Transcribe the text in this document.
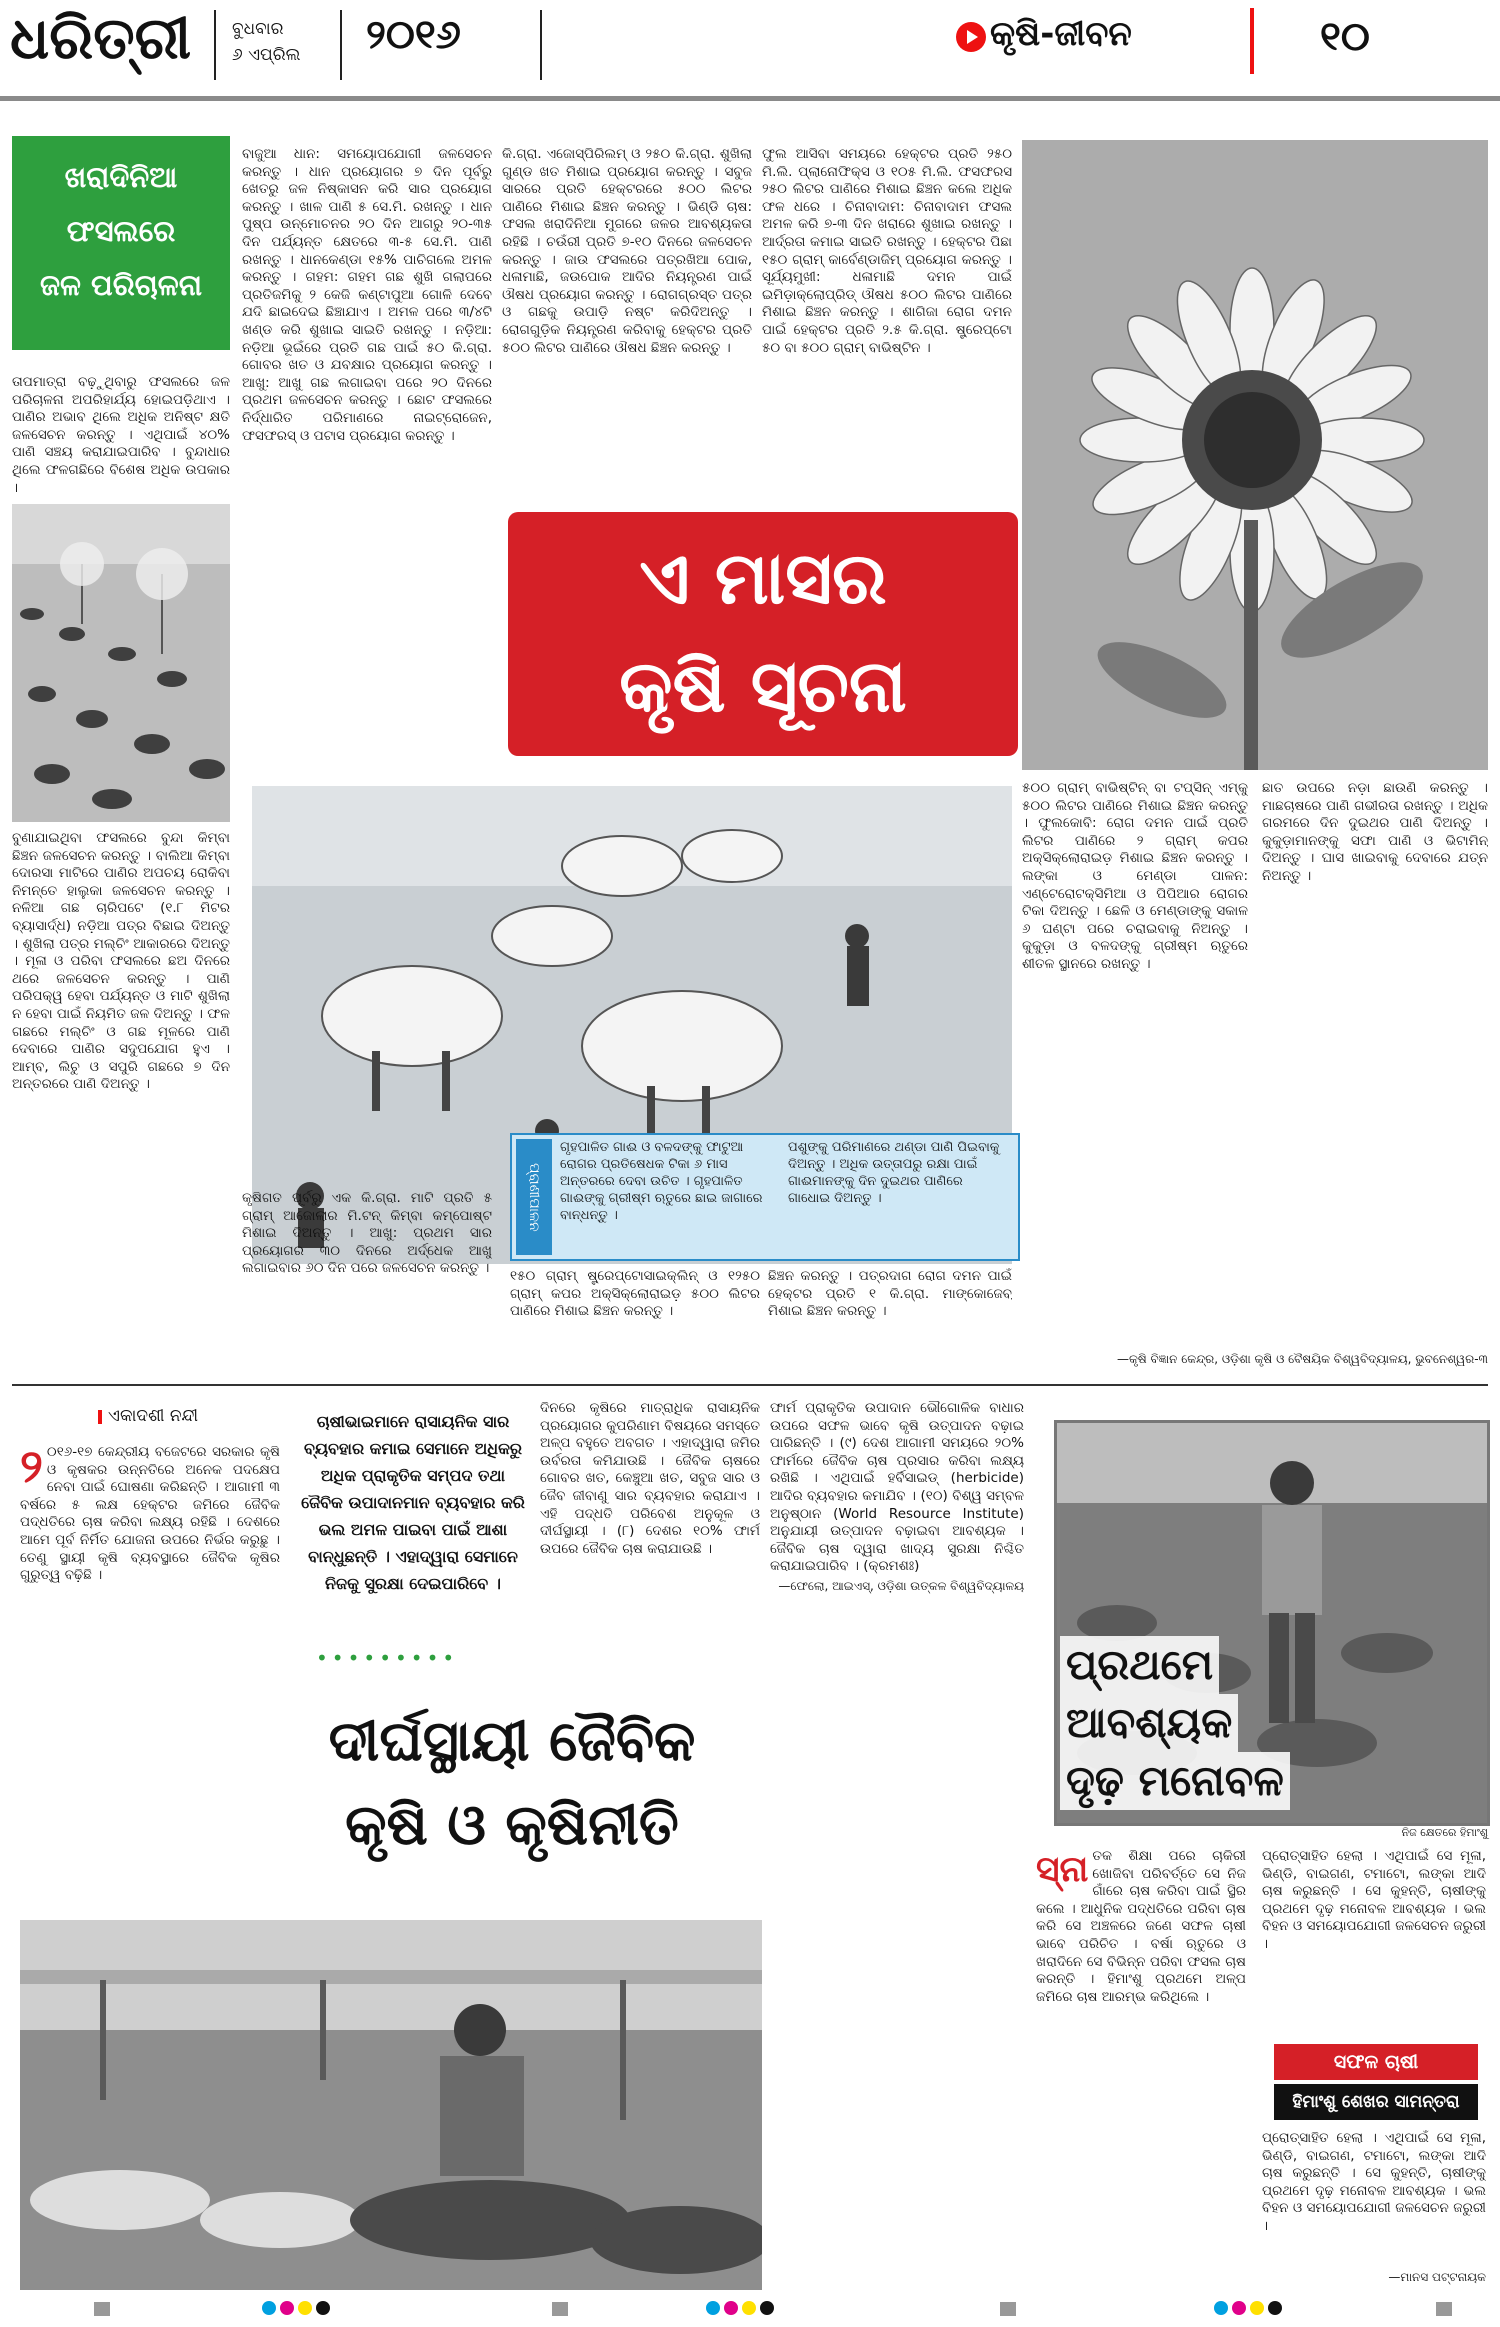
ଧରିତ୍ରୀ ବୁଧବାର
୬ ଏପ୍ରିଲ ୨୦୧୬	କୃଷି-ଜୀବନ	୧୦
ଖରାଦିନିଆ
ଫସଲରେ
ଜଳ ପରିଚାଳନା

ତାପମାତ୍ରା ବଢ଼ୁଥିବାରୁ ଫସଲରେ ଜଳ ପରିଚାଳନା ଅପରିହାର୍ଯ୍ୟ ହୋଇପଡ଼ିଥାଏ । ପାଣିର ଅଭାବ ଥିଲେ ଅଧିକ ଅନିଷ୍ଟ କ୍ଷତି ଜଳସେଚନ କରନ୍ତୁ । ଏଥିପାଇଁ ୪୦% ପାଣି ସଞ୍ଚୟ କରାଯାଇପାରିବ । ବୁନ୍ଦାଧାର ଥିଲେ ଫଳଗଛିରେ ବିଶେଷ ଅଧିକ ଉପକାର ।

ବୁଣାଯାଇଥିବା ଫସଲରେ ବୁନ୍ଦା କିମ୍ବା ଛିଞ୍ଚନ ଜଳସେଚନ କରନ୍ତୁ । ବାଲିଆ କିମ୍ବା ଦୋରସା ମାଟିରେ ପାଣିର ଅପଚୟ ରୋକିବା ନିମନ୍ତେ ହାଲୁକା ଜଳସେଚନ କରନ୍ତୁ । ନଳିଆ ଗଛ ଚାରିପଟେ (୧.୮ ମିଟର ବ୍ୟାସାର୍ଦ୍ଧ) ନଡ଼ିଆ ପତ୍ର ବିଛାଇ ଦିଅନ୍ତୁ । ଶୁଖିଲା ପତ୍ର ମଲ୍ଚିଂ ଆକାରରେ ଦିଅନ୍ତୁ । ମୂଳା ଓ ପରିବା ଫସଲରେ ଛଅ ଦିନରେ ଥରେ ଜଳସେଚନ କରନ୍ତୁ । ପାଣି ପରିପକ୍ୱ ହେବା ପର୍ଯ୍ୟନ୍ତ ଓ ମାଟି ଶୁଖିଲା ନ ହେବା ପାଇଁ ନିୟମିତ ଜଳ ଦିଅନ୍ତୁ । ଫଳ ଗଛରେ ମଲ୍ଚିଂ ଓ ଗଛ ମୂଳରେ ପାଣି ଦେବାରେ ପାଣିର ସଦୁପଯୋଗ ହୁଏ । ଆମ୍ବ, ଲିଚୁ ଓ ସପୁରି ଗଛରେ ୭ ଦିନ ଅନ୍ତରରେ ପାଣି ଦିଅନ୍ତୁ ।

ବାଜୁଆ ଧାନ: ସମୟୋପଯୋଗୀ ଜଳସେଚନ କରନ୍ତୁ । ଧାନ ପ୍ରୟୋଗର ୭ ଦିନ ପୂର୍ବରୁ ଖେତରୁ ଜଳ ନିଷ୍କାସନ କରି ସାର ପ୍ରୟୋଗ କରନ୍ତୁ । ଖାଳ ପାଣି ୫ ସେ.ମି. ରଖନ୍ତୁ । ଧାନ ପୁଷ୍ପ ଉନ୍ମୋଚନର ୨୦ ଦିନ ଆଗରୁ ୨୦-୩୫ ଦିନ ପର୍ଯ୍ୟନ୍ତ କ୍ଷେତରେ ୩-୫ ସେ.ମି. ପାଣି ରଖନ୍ତୁ । ଧାନକେଣ୍ଡା ୧୫% ପାଚିଗଲେ ଅମଳ କରନ୍ତୁ । ଗହମ: ଗହମ ଗଛ ଶୁଖି ଗଲାପରେ ପ୍ରତିଜମିକୁ ୨ କେଜି କଣ୍ଟାପୁଆ ଗୋଳି ଦେବେ ଯଦି ଛାଇଦେଇ ଛିଞ୍ଚାଯାଏ । ଅମଳ ପରେ ୩/୪ଟି ଖଣ୍ଡ କରି ଶୁଖାଇ ସାଇତି ରଖନ୍ତୁ । ନଡ଼ିଆ: ନଡ଼ିଆ ଭୂଇଁରେ ପ୍ରତି ଗଛ ପାଇଁ ୫୦ କି.ଗ୍ରା. ଗୋବର ଖତ ଓ ଯବକ୍ଷାର ପ୍ରୟୋଗ କରନ୍ତୁ । ଆଖୁ: ଆଖୁ ଗଛ ଲଗାଇବା ପରେ ୨୦ ଦିନରେ ପ୍ରଥମ ଜଳସେଚନ କରନ୍ତୁ । ଛୋଟ ଫସଲରେ ନିର୍ଦ୍ଧାରିତ ପରିମାଣରେ ନାଇଟ୍ରୋଜେନ, ଫସଫରସ୍ ଓ ପଟାସ ପ୍ରୟୋଗ କରନ୍ତୁ ।

କି.ଗ୍ରା. ଏଜୋସ୍ପିରିଲମ୍ ଓ ୨୫୦ କି.ଗ୍ରା. ଶୁଖିଲା ଗୁଣ୍ଡ ଖତ ମିଶାଇ ପ୍ରୟୋଗ କରନ୍ତୁ । ସବୁଜ ସାରରେ ପ୍ରତି ହେକ୍ଟରରେ ୫୦୦ ଲିଟର ପାଣିରେ ମିଶାଇ ଛିଞ୍ଚନ କରନ୍ତୁ । ଭିଣ୍ଡି ଚାଷ: ଫସଲ ଖରାଦିନିଆ ମୁଗରେ ଜଳର ଆବଶ୍ୟକତା ରହିଛି । ଚଉଁରୀ ପ୍ରତି ୭-୧୦ ଦିନରେ ଜଳସେଚନ କରନ୍ତୁ । ଜାଉ ଫସଲରେ ପତ୍ରଖିଆ ପୋକ, ଧଳାମାଛି, ଜଉପୋକ ଆଦିର ନିୟନ୍ତ୍ରଣ ପାଇଁ ଔଷଧ ପ୍ରୟୋଗ କରନ୍ତୁ । ରୋଗଗ୍ରସ୍ତ ପତ୍ର ଓ ଗଛକୁ ଉପାଡ଼ି ନଷ୍ଟ କରିଦିଅନ୍ତୁ । ରୋଗଗୁଡ଼ିକ ନିୟନ୍ତ୍ରଣ କରିବାକୁ ହେକ୍ଟର ପ୍ରତି ୫୦୦ ଲିଟର ପାଣିରେ ଔଷଧ ଛିଞ୍ଚନ କରନ୍ତୁ ।

ଫୁଲ ଆସିବା ସମୟରେ ହେକ୍ଟର ପ୍ରତି ୨୫୦ ମି.ଲି. ପ୍ଲାନୋଫିକ୍ସ ଓ ୧୦୫ ମି.ଲି. ଫସଫରସ ୨୫୦ ଲିଟର ପାଣିରେ ମିଶାଇ ଛିଞ୍ଚନ କଲେ ଅଧିକ ଫଳ ଧରେ । ଚିନାବାଦାମ: ଚିନାବାଦାମ ଫସଲ ଅମଳ କରି ୭-୩ ଦିନ ଖରାରେ ଶୁଖାଇ ରଖନ୍ତୁ । ଆର୍ଦ୍ରତା କମାଇ ସାଇତି ରଖନ୍ତୁ । ହେକ୍ଟର ପିଛା ୧୫୦ ଗ୍ରାମ୍ କାର୍ବେଣ୍ଡାଜିମ୍ ପ୍ରୟୋଗ କରନ୍ତୁ । ସୂର୍ଯ୍ୟମୁଖୀ: ଧଳାମାଛି ଦମନ ପାଇଁ ଇମିଡ଼ାକ୍ଲୋପ୍ରିଡ୍ ଔଷଧ ୫୦୦ ଲିଟର ପାଣିରେ ମିଶାଇ ଛିଞ୍ଚନ କରନ୍ତୁ । ଶାଗିଜା ରୋଗ ଦମନ ପାଇଁ ହେକ୍ଟର ପ୍ରତି ୨.୫ କି.ଗ୍ରା. ଷ୍ଟ୍ରେପ୍ଟୋ ୫୦ ବା ୫୦୦ ଗ୍ରାମ୍ ବାଭିଷ୍ଟିନ ।

ଏ ମାସର
କୃଷି ସୂଚନା
ପ୍ରାଣୀପାଳନ
ଗୃହପାଳିତ ଗାଈ ଓ ବଳଦଙ୍କୁ ଫାଟୁଆ ରୋଗର ପ୍ରତିଷେଧକ ଟିକା ୬ ମାସ ଅନ୍ତରରେ ଦେବା ଉଚିତ । ଗୃହପାଳିତ ଗାଈଙ୍କୁ ଗ୍ରୀଷ୍ମ ଋତୁରେ ଛାଇ ଜାଗାରେ ବାନ୍ଧନ୍ତୁ ।
ପଶୁଙ୍କୁ ପରିମାଣରେ ଥଣ୍ଡା ପାଣି ପିଇବାକୁ ଦିଅନ୍ତୁ । ଅଧିକ ଉତ୍ତାପରୁ ରକ୍ଷା ପାଇଁ ଗାଈମାନଙ୍କୁ ଦିନ ଦୁଇଥର ପାଣିରେ ଗାଧୋଇ ଦିଅନ୍ତୁ ।

କୃଷିଗତ ପୂର୍ବରୁ ଏକ କି.ଗ୍ରା. ମାଟି ପ୍ରତି ୫ ଗ୍ରାମ୍ ଆଜୋଲାର ମି.ଟନ୍ କିମ୍ବା କମ୍ପୋଷ୍ଟ ମିଶାଇ ଦିଅନ୍ତୁ । ଆଖୁ: ପ୍ରଥମ ସାର ପ୍ରୟୋଗର ୩୦ ଦିନରେ ଅର୍ଦ୍ଧେକ ଆଖୁ ଲଗାଇବାର ୬୦ ଦିନ ପରେ ଜଳସେଚନ କରନ୍ତୁ । ୧୫୦ ଗ୍ରାମ୍ ଷ୍ଟ୍ରେପ୍ଟୋସାଇକ୍ଲିନ୍ ଓ ୧୨୫୦ ଗ୍ରାମ୍ କପର ଅକ୍ସିକ୍ଲୋରାଇଡ଼ ୫୦୦ ଲିଟର ପାଣିରେ ମିଶାଇ ଛିଞ୍ଚନ କରନ୍ତୁ ।

ଛିଞ୍ଚନ କରନ୍ତୁ । ପତ୍ରଦାଗ ରୋଗ ଦମନ ପାଇଁ ହେକ୍ଟର ପ୍ରତି ୧ କି.ଗ୍ରା. ମାଙ୍କୋଜେବ୍ ମିଶାଇ ଛିଞ୍ଚନ କରନ୍ତୁ ।

୫୦୦ ଗ୍ରାମ୍ ବାଭିଷ୍ଟିନ୍ ବା ଟପ୍‌ସିନ୍ ଏମ୍‌କୁ ୫୦୦ ଲିଟର ପାଣିରେ ମିଶାଇ ଛିଞ୍ଚନ କରନ୍ତୁ । ଫୁଲକୋବି: ରୋଗ ଦମନ ପାଇଁ ପ୍ରତି ଲିଟର ପାଣିରେ ୨ ଗ୍ରାମ୍ କପର ଅକ୍ସିକ୍ଲୋରାଇଡ଼ ମିଶାଇ ଛିଞ୍ଚନ କରନ୍ତୁ । ଲଙ୍କା ଓ ମେଣ୍ଡା ପାଳନ: ଏଣ୍ଟେରୋଟକ୍ସିମିଆ ଓ ପିପିଆର ରୋଗର ଟିକା ଦିଅନ୍ତୁ । ଛେଳି ଓ ମେଣ୍ଡାଙ୍କୁ ସକାଳ ୬ ଘଣ୍ଟା ପରେ ଚରାଇବାକୁ ନିଅନ୍ତୁ । କୁକୁଡ଼ା ଓ ବଳଦଙ୍କୁ ଗ୍ରୀଷ୍ମ ଋତୁରେ ଶୀତଳ ସ୍ଥାନରେ ରଖନ୍ତୁ ।

ଛାତ ଉପରେ ନଡ଼ା ଛାଉଣି କରନ୍ତୁ । ମାଛଚାଷରେ ପାଣି ଗଭୀରତା ରଖନ୍ତୁ । ଅଧିକ ଗରମରେ ଦିନ ଦୁଇଥର ପାଣି ଦିଅନ୍ତୁ । କୁକୁଡ଼ାମାନଙ୍କୁ ସଫା ପାଣି ଓ ଭିଟାମିନ୍ ଦିଅନ୍ତୁ । ଘାସ ଖାଇବାକୁ ଦେବାରେ ଯତ୍ନ ନିଅନ୍ତୁ ।

—କୃଷି ବିଜ୍ଞାନ କେନ୍ଦ୍ର, ଓଡ଼ିଶା କୃଷି ଓ ବୈଷୟିକ ବିଶ୍ୱବିଦ୍ୟାଳୟ, ଭୁବନେଶ୍ୱର-୩
ଏକାଦଶୀ ନନ୍ଦୀ	ଚାଷୀଭାଇମାନେ ରାସାୟନିକ ସାର ବ୍ୟବହାର କମାଇ ସେମାନେ ଅଧିକରୁ ଅଧିକ ପ୍ରାକୃତିକ ସମ୍ପଦ ତଥା ଜୈବିକ ଉପାଦାନମାନ ବ୍ୟବହାର କରି ଭଲ ଅମଳ ପାଇବା ପାଇଁ ଆଶା ବାନ୍ଧୁଛନ୍ତି । ଏହାଦ୍ୱାରା ସେମାନେ ନିଜକୁ ସୁରକ୍ଷା ଦେଇପାରିବେ ।
•••••••••

୨ ୦୧୬-୧୭ କେନ୍ଦ୍ରୀୟ ବଜେଟରେ ସରକାର କୃଷି ଓ କୃଷକର ଉନ୍ନତିରେ ଅନେକ ପଦକ୍ଷେପ ନେବା ପାଇଁ ଘୋଷଣା କରିଛନ୍ତି । ଆଗାମୀ ୩ ବର୍ଷରେ ୫ ଲକ୍ଷ ହେକ୍ଟର ଜମିରେ ଜୈବିକ ପଦ୍ଧତିରେ ଚାଷ କରିବା ଲକ୍ଷ୍ୟ ରହିଛି । ଦେଶରେ ଆମେ ପୂର୍ବ ନିର୍ମିତ ଯୋଜନା ଉପରେ ନିର୍ଭର କରୁଛୁ । ତେଣୁ ସ୍ଥାୟୀ କୃଷି ବ୍ୟବସ୍ଥାରେ ଜୈବିକ କୃଷିର ଗୁରୁତ୍ୱ ବଢ଼ିଛି ।

ଦୀର୍ଘସ୍ଥାୟୀ ଜୈବିକ
କୃଷି ଓ କୃଷିନୀତି

ଦିନରେ କୃଷିରେ ମାତ୍ରାଧିକ ରାସାୟନିକ ପ୍ରୟୋଗର କୁପରିଣାମ ବିଷୟରେ ସମସ୍ତେ ଅଳ୍ପ ବହୁତେ ଅବଗତ । ଏହାଦ୍ୱାରା ଜମିର ଉର୍ବରତା କମିଯାଉଛି । ଜୈବିକ ଚାଷରେ ଗୋବର ଖତ, କେଞ୍ଚୁଆ ଖତ, ସବୁଜ ସାର ଓ ଜୈବ ଜୀବାଣୁ ସାର ବ୍ୟବହାର କରାଯାଏ । ଏହି ପଦ୍ଧତି ପରିବେଶ ଅନୁକୂଳ ଓ ଦୀର୍ଘସ୍ଥାୟୀ । (୮) ଦେଶର ୧୦% ଫାର୍ମ ଉପରେ ଜୈବିକ ଚାଷ କରାଯାଉଛି ।

ଫାର୍ମ ପ୍ରାକୃତିକ ଉପାଦାନ ଭୌଗୋଳିକ ବାଧାର ଉପରେ ସଫଳ ଭାବେ କୃଷି ଉତ୍ପାଦନ ବଢ଼ାଇ ପାରିଛନ୍ତି । (୯) ଦେଶ ଆଗାମୀ ସମୟରେ ୨୦% ଫାର୍ମରେ ଜୈବିକ ଚାଷ ପ୍ରସାର କରିବା ଲକ୍ଷ୍ୟ ରଖିଛି । ଏଥିପାଇଁ ହର୍ବିସାଇଡ୍ (herbicide) ଆଦିର ବ୍ୟବହାର କମାଯିବ । (୧୦) ବିଶ୍ୱ ସମ୍ବଳ ଅନୁଷ୍ଠାନ (World Resource Institute) ଅନୁଯାୟୀ ଉତ୍ପାଦନ ବଢ଼ାଇବା ଆବଶ୍ୟକ । ଜୈବିକ ଚାଷ ଦ୍ୱାରା ଖାଦ୍ୟ ସୁରକ୍ଷା ନିଶ୍ଚିତ କରାଯାଇପାରିବ । (କ୍ରମଶଃ)

—ଫେଲୋ, ଆଇଏସ୍, ଓଡ଼ିଶା ଉତ୍କଳ ବିଶ୍ୱବିଦ୍ୟାଳୟ

ପ୍ରଥମେ
ଆବଶ୍ୟକ
ଦୃଢ଼ ମନୋବଳ
ନିଜ କ୍ଷେତରେ ହିମାଂଶୁ

ସ୍ନା ତକ ଶିକ୍ଷା ପରେ ଚାକିରୀ ଖୋଜିବା ପରିବର୍ତ୍ତେ ସେ ନିଜ ଗାଁରେ ଚାଷ କରିବା ପାଇଁ ସ୍ଥିର କଲେ । ଆଧୁନିକ ପଦ୍ଧତିରେ ପରିବା ଚାଷ କରି ସେ ଅଞ୍ଚଳରେ ଜଣେ ସଫଳ ଚାଷୀ ଭାବେ ପରିଚିତ । ବର୍ଷା ଋତୁରେ ଓ ଖରାଦିନେ ସେ ବିଭିନ୍ନ ପରିବା ଫସଲ ଚାଷ କରନ୍ତି । ହିମାଂଶୁ ପ୍ରଥମେ ଅଳ୍ପ ଜମିରେ ଚାଷ ଆରମ୍ଭ କରିଥିଲେ ।

ପ୍ରୋତ୍ସାହିତ ହେଲା । ଏଥିପାଇଁ ସେ ମୂଳା, ଭିଣ୍ଡି, ବାଇଗଣ, ଟମାଟୋ, ଲଙ୍କା ଆଦି ଚାଷ କରୁଛନ୍ତି । ସେ କୁହନ୍ତି, ଚାଷୀଙ୍କୁ ପ୍ରଥମେ ଦୃଢ଼ ମନୋବଳ ଆବଶ୍ୟକ । ଭଲ ବିହନ ଓ ସମୟୋପଯୋଗୀ ଜଳସେଚନ ଜରୁରୀ ।

ସଫଳ ଚାଷୀ
ହିମାଂଶୁ ଶେଖର ସାମନ୍ତରା

ପ୍ରୋତ୍ସାହିତ ହେଲା । ଏଥିପାଇଁ ସେ ମୂଳା, ଭିଣ୍ଡି, ବାଇଗଣ, ଟମାଟୋ, ଲଙ୍କା ଆଦି ଚାଷ କରୁଛନ୍ତି । ସେ କୁହନ୍ତି, ଚାଷୀଙ୍କୁ ପ୍ରଥମେ ଦୃଢ଼ ମନୋବଳ ଆବଶ୍ୟକ । ଭଲ ବିହନ ଓ ସମୟୋପଯୋଗୀ ଜଳସେଚନ ଜରୁରୀ ।

—ମାନସ ପଟ୍ଟନାୟକ
